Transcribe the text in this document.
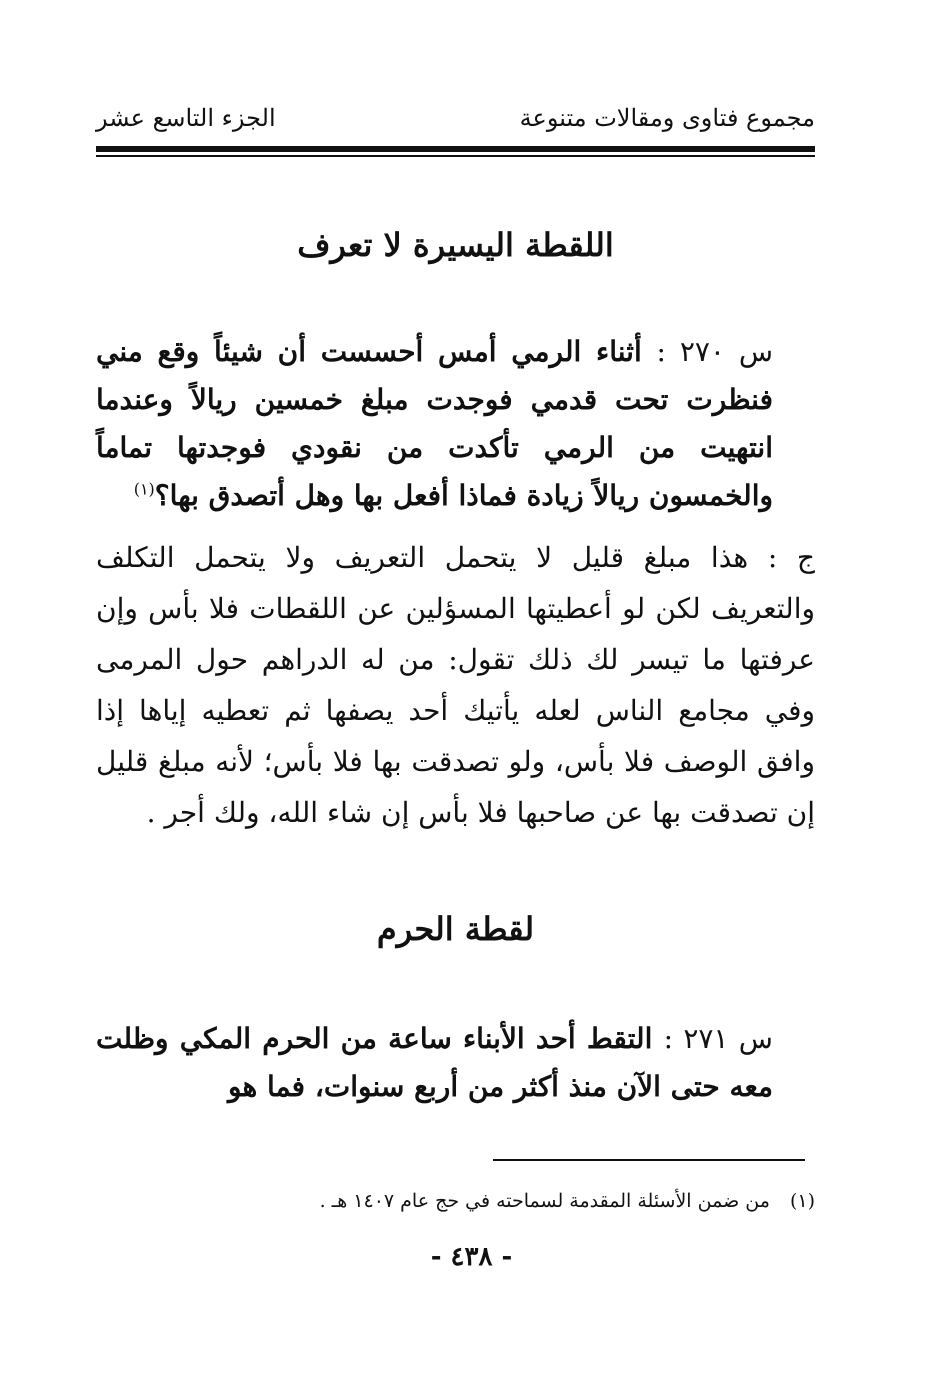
مجموع فتاوى ومقالات متنوعة
الجزء التاسع عشر
اللقطة اليسيرة لا تعرف
س ٢٧٠ : أثناء الرمي أمس أحسست أن شيئاً وقع مني فنظرت تحت قدمي فوجدت مبلغ خمسين ريالاً وعندما انتهيت من الرمي تأكدت من نقودي فوجدتها تماماً والخمسون ريالاً زيادة فماذا أفعل بها وهل أتصدق بها؟$^{(١)}$
ج : هذا مبلغ قليل لا يتحمل التعريف ولا يتحمل التكلف والتعريف لكن لو أعطيتها المسؤلين عن اللقطات فلا بأس وإن عرفتها ما تيسر لك ذلك تقول: من له الدراهم حول المرمى وفي مجامع الناس لعله يأتيك أحد يصفها ثم تعطيه إياها إذا وافق الوصف فلا بأس، ولو تصدقت بها فلا بأس؛ لأنه مبلغ قليل إن تصدقت بها عن صاحبها فلا بأس إن شاء الله، ولك أجر .
لقطة الحرم
س ٢٧١ : التقط أحد الأبناء ساعة من الحرم المكي وظلت معه حتى الآن منذ أكثر من أربع سنوات، فما هو
(١) من ضمن الأسئلة المقدمة لسماحته في حج عام ١٤٠٧ هـ .
- ٤٣٨ -
